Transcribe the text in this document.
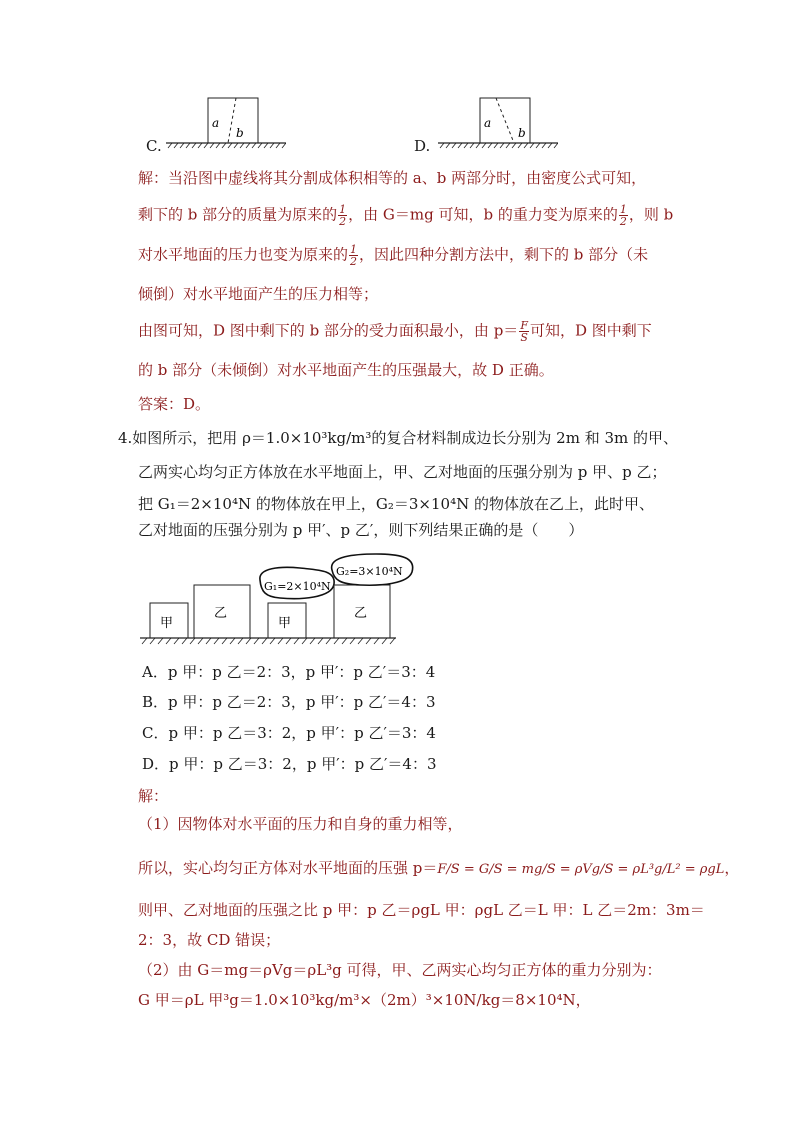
C.
a
b
D.
a
b
解：当沿图中虚线将其分割成体积相等的 a、b 两部分时，由密度公式可知，
剩下的 b 部分的质量为原来的 $\frac{1}{2}$ ，由 G＝mg 可知，b 的重力变为原来的 $\frac{1}{2}$ ，则 b
对水平地面的压力也变为原来的 $\frac{1}{2}$ ，因此四种分割方法中，剩下的 b 部分（未
倾倒）对水平地面产生的压力相等；
由图可知，D 图中剩下的 b 部分的受力面积最小，由 $p= \frac{F}{S}$ 可知，D 图中剩下
的 b 部分（未倾倒）对水平地面产生的压强最大，故 D 正确。
答案：D。
4.如图所示，把用 ρ＝1.0×10³kg/m³的复合材料制成边长分别为 2m 和 3m 的甲、
乙两实心均匀正方体放在水平地面上，甲、乙对地面的压强分别为 p 甲、p 乙；
把 G₁＝2×10⁴N 的物体放在甲上，G₂＝3×10⁴N 的物体放在乙上，此时甲、
乙对地面的压强分别为 p 甲′、p 乙′，则下列结果正确的是（　　）
甲
乙
甲
G₁=2×10⁴N
乙
G₂=3×10⁴N
A．p 甲：p 乙＝2：3，p 甲′：p 乙′＝3：4
B．p 甲：p 乙＝2：3，p 甲′：p 乙′＝4：3
C．p 甲：p 乙＝3：2，p 甲′：p 乙′＝3：4
D．p 甲：p 乙＝3：2，p 甲′：p 乙′＝4：3
解：
（1）因物体对水平面的压力和自身的重力相等，
所以，实心均匀正方体对水平地面的压强 p＝F/S = G/S = mg/S = ρVg/S = ρL³g/L² = ρgL，
则甲、乙对地面的压强之比 p 甲：p 乙＝ρgL 甲：ρgL 乙＝L 甲：L 乙＝2m：3m＝
2：3，故 CD 错误；
（2）由 G＝mg＝ρVg＝ρL³g 可得，甲、乙两实心均匀正方体的重力分别为：
G 甲＝ρL 甲³g＝1.0×10³kg/m³×（2m）³×10N/kg＝8×10⁴N，
